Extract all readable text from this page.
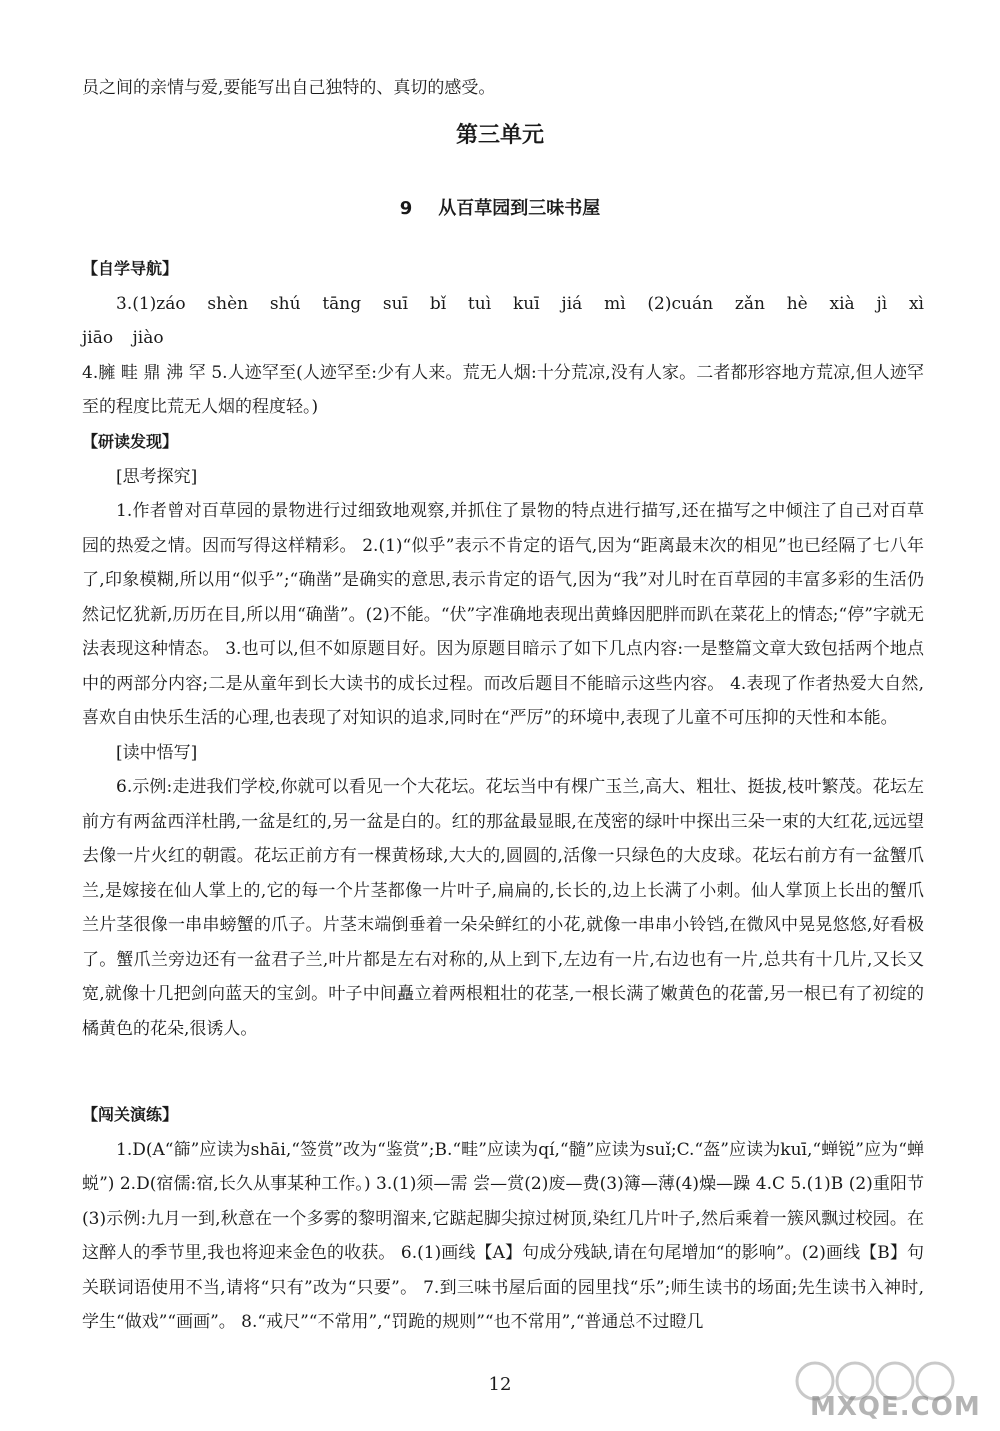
员之间的亲情与爱,要能写出自己独特的、真切的感受。
第三单元
9 从百草园到三味书屋
【自学导航】
3.(1)záo shèn shú tāng suī bǐ tuì kuī jiá mì (2)cuán zǎn hè xià jì xì jiāo jiào
4.臃 畦 鼎 沸 罕 5.人迹罕至(人迹罕至:少有人来。荒无人烟:十分荒凉,没有人家。二者都形容地方荒凉,但人迹罕至的程度比荒无人烟的程度轻。)
【研读发现】
[思考探究]
1.作者曾对百草园的景物进行过细致地观察,并抓住了景物的特点进行描写,还在描写之中倾注了自己对百草园的热爱之情。因而写得这样精彩。 2.(1)“似乎”表示不肯定的语气,因为“距离最末次的相见”也已经隔了七八年了,印象模糊,所以用“似乎”;“确凿”是确实的意思,表示肯定的语气,因为“我”对儿时在百草园的丰富多彩的生活仍然记忆犹新,历历在目,所以用“确凿”。(2)不能。“伏”字准确地表现出黄蜂因肥胖而趴在菜花上的情态;“停”字就无法表现这种情态。 3.也可以,但不如原题目好。因为原题目暗示了如下几点内容:一是整篇文章大致包括两个地点中的两部分内容;二是从童年到长大读书的成长过程。而改后题目不能暗示这些内容。 4.表现了作者热爱大自然,喜欢自由快乐生活的心理,也表现了对知识的追求,同时在“严厉”的环境中,表现了儿童不可压抑的天性和本能。
[读中悟写]
6.示例:走进我们学校,你就可以看见一个大花坛。花坛当中有棵广玉兰,高大、粗壮、挺拔,枝叶繁茂。花坛左前方有两盆西洋杜鹃,一盆是红的,另一盆是白的。红的那盆最显眼,在茂密的绿叶中探出三朵一束的大红花,远远望去像一片火红的朝霞。花坛正前方有一棵黄杨球,大大的,圆圆的,活像一只绿色的大皮球。花坛右前方有一盆蟹爪兰,是嫁接在仙人掌上的,它的每一个片茎都像一片叶子,扁扁的,长长的,边上长满了小刺。仙人掌顶上长出的蟹爪兰片茎很像一串串螃蟹的爪子。片茎末端倒垂着一朵朵鲜红的小花,就像一串串小铃铛,在微风中晃晃悠悠,好看极了。蟹爪兰旁边还有一盆君子兰,叶片都是左右对称的,从上到下,左边有一片,右边也有一片,总共有十几片,又长又宽,就像十几把剑向蓝天的宝剑。叶子中间矗立着两根粗壮的花茎,一根长满了嫩黄色的花蕾,另一根已有了初绽的橘黄色的花朵,很诱人。
【闯关演练】
1.D(A“篩”应读为shāi,“签赏”改为“鉴赏”;B.“畦”应读为qí,“髓”应读为suǐ;C.“盔”应读为kuī,“蝉锐”应为“蝉蜕”) 2.D(宿儒:宿,长久从事某种工作。) 3.(1)须—需 尝—赏(2)废—费(3)簿—薄(4)燥—躁 4.C 5.(1)B (2)重阳节 (3)示例:九月一到,秋意在一个多雾的黎明溜来,它踮起脚尖掠过树顶,染红几片叶子,然后乘着一簇风飘过校园。在这醉人的季节里,我也将迎来金色的收获。 6.(1)画线【A】句成分残缺,请在句尾增加“的影响”。(2)画线【B】句关联词语使用不当,请将“只有”改为“只要”。 7.到三味书屋后面的园里找“乐”;师生读书的场面;先生读书入神时,学生“做戏”“画画”。 8.“戒尺”“不常用”,“罚跪的规则”“也不常用”,“普通总不过瞪几
12
MXQE.COM
